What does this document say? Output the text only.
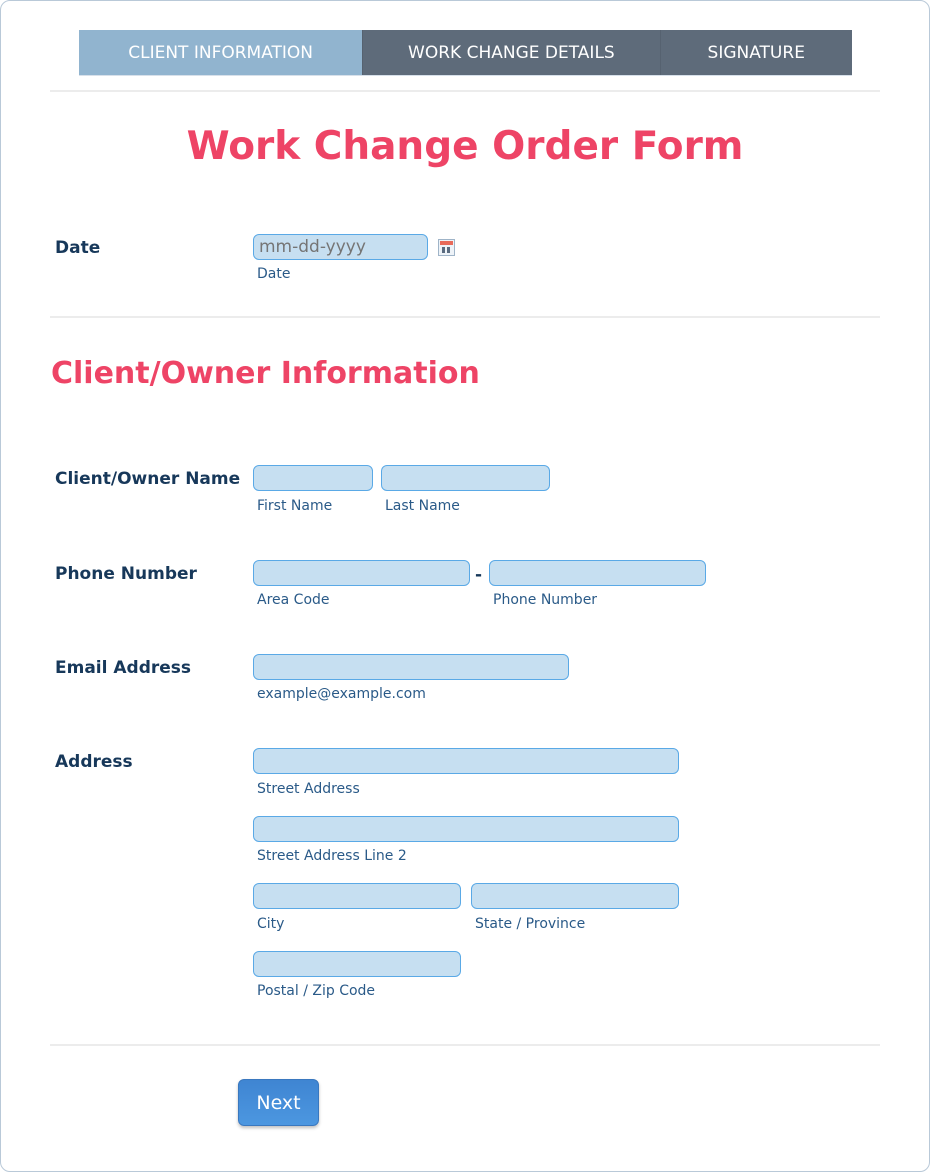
CLIENT INFORMATION	WORK CHANGE DETAILS	SIGNATURE
Work Change Order Form
Date
mm-dd-yyyy
Date
Client/Owner Information
Client/Owner Name
First Name	Last Name
Phone Number	-
Area Code	Phone Number
Email Address
example@example.com
Address
Street Address
Street Address Line 2
City	State / Province
Postal / Zip Code
Next
